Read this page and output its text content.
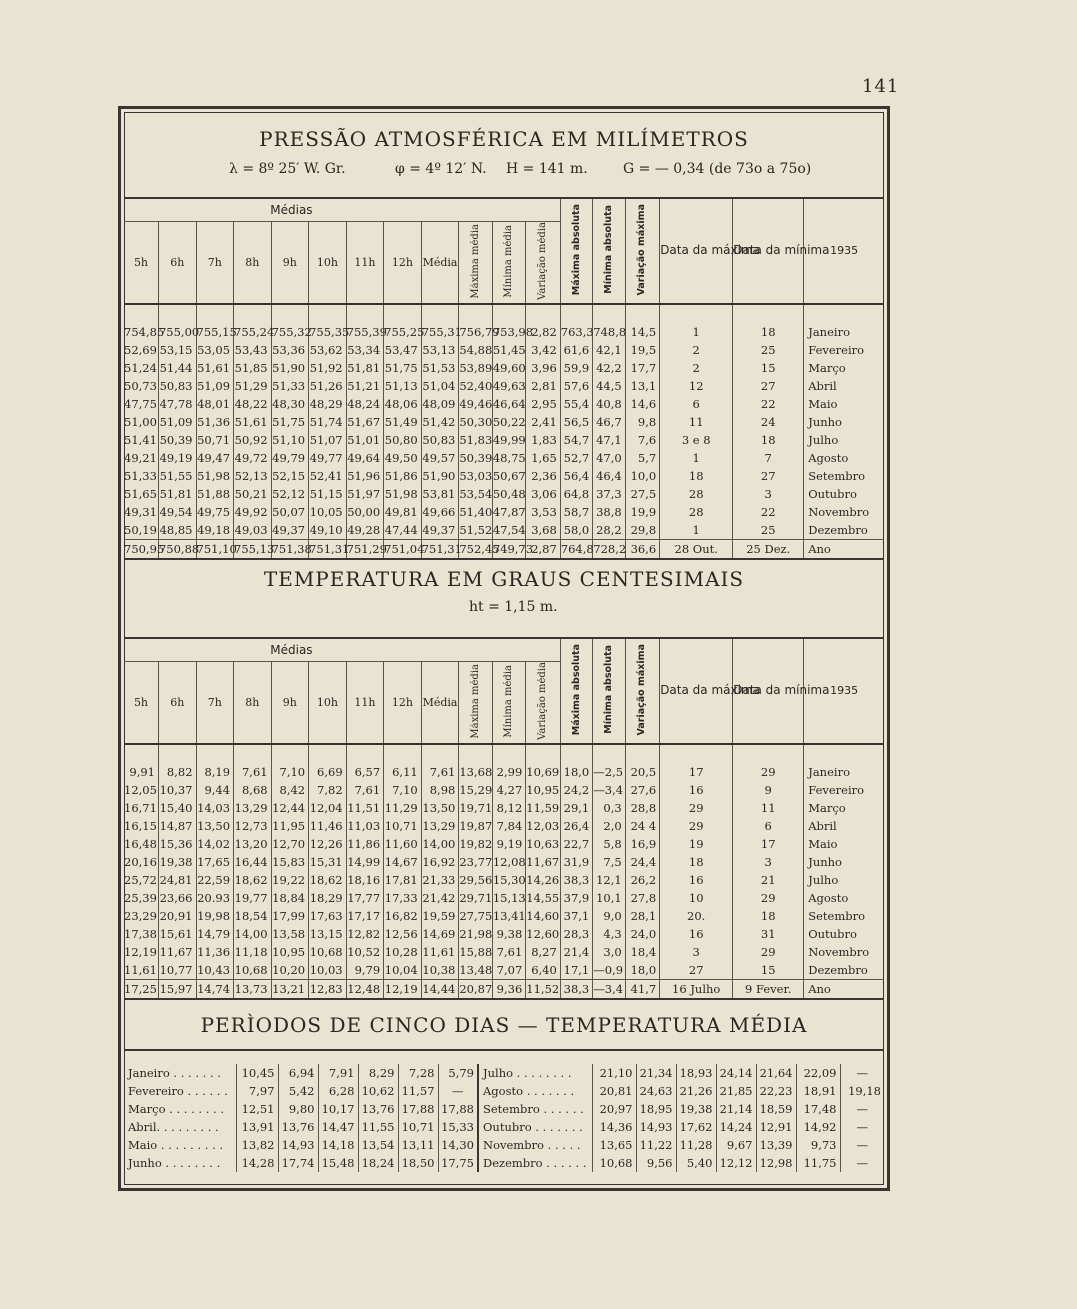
141
PRESSÃO ATMOSFÉRICA EM MILÍMETROS
λ = 8º 25′ W. Gr.	φ = 4º 12′ N. H = 141 m.	G = — 0,34 (de 73o a 75o)
Médias												Máxima absoluta	Mínima absoluta	Variação máxima	Data da máxima	Data da mínima	1935
5h	6h	7h	8h	9h	10h	11h	12h	Média	Máxima média	Mínima média	Variação média						

754,85	755,00	755,15	755,24	755,32	755,35	755,39	755,25	755,31	756,79	753,98	2,82	763,3	748,8	14,5	1	18	Janeiro
52,69	53,15	53,05	53,43	53,36	53,62	53,34	53,47	53,13	54,88	51,45	3,42	61,6	42,1	19,5	2	25	Fevereiro
51,24	51,44	51,61	51,85	51,90	51,92	51,81	51,75	51,53	53,89	49,60	3,96	59,9	42,2	17,7	2	15	Março
50,73	50,83	51,09	51,29	51,33	51,26	51,21	51,13	51,04	52,40	49,63	2,81	57,6	44,5	13,1	12	27	Abril
47,75	47,78	48,01	48,22	48,30	48,29	48,24	48,06	48,09	49,46	46,64	2,95	55,4	40,8	14,6	6	22	Maio
51,00	51,09	51,36	51,61	51,75	51,74	51,67	51,49	51,42	50,30	50,22	2,41	56,5	46,7	9,8	11	24	Junho
51,41	50,39	50,71	50,92	51,10	51,07	51,01	50,80	50,83	51,83	49,99	1,83	54,7	47,1	7,6	3 e 8	18	Julho
49,21	49,19	49,47	49,72	49,79	49,77	49,64	49,50	49,57	50,39	48,75	1,65	52,7	47,0	5,7	1	7	Agosto
51,33	51,55	51,98	52,13	52,15	52,41	51,96	51,86	51,90	53,03	50,67	2,36	56,4	46,4	10,0	18	27	Setembro
51,65	51,81	51,88	50,21	52,12	51,15	51,97	51,98	53,81	53,54	50,48	3,06	64,8	37,3	27,5	28	3	Outubro
49,31	49,54	49,75	49,92	50,07	10,05	50,00	49,81	49,66	51,40	47,87	3,53	58,7	38,8	19,9	28	22	Novembro
50,19	48,85	49,18	49,03	49,37	49,10	49,28	47,44	49,37	51,52	47,54	3,68	58,0	28,2	29,8	1	25	Dezembro
750,95	750,88	751,10	755,13	751,38	751,31	751,29	751,04	751,31	752,45	749,73	2,87	764,8	728,2	36,6	28 Out.	25 Dez.	Ano
TEMPERATURA EM GRAUS CENTESIMAIS
ht = 1,15 m.
Médias												Máxima absoluta	Mínima absoluta	Variação máxima	Data da máxima	Data da mínima	1935
5h	6h	7h	8h	9h	10h	11h	12h	Média	Máxima média	Mínima média	Variação média						

9,91	8,82	8,19	7,61	7,10	6,69	6,57	6,11	7,61	13,68	2,99	10,69	18,0	—2,5	20,5	17	29	Janeiro
12,05	10,37	9,44	8,68	8,42	7,82	7,61	7,10	8,98	15,29	4,27	10,95	24,2	—3,4	27,6	16	9	Fevereiro
16,71	15,40	14,03	13,29	12,44	12,04	11,51	11,29	13,50	19,71	8,12	11,59	29,1	0,3	28,8	29	11	Março
16,15	14,87	13,50	12,73	11,95	11,46	11,03	10,71	13,29	19,87	7,84	12,03	26,4	2,0	24 4	29	6	Abril
16,48	15,36	14,02	13,20	12,70	12,26	11,86	11,60	14,00	19,82	9,19	10,63	22,7	5,8	16,9	19	17	Maio
20,16	19,38	17,65	16,44	15,83	15,31	14,99	14,67	16,92	23,77	12,08	11,67	31,9	7,5	24,4	18	3	Junho
25,72	24,81	22,59	18,62	19,22	18,62	18,16	17,81	21,33	29,56	15,30	14,26	38,3	12,1	26,2	16	21	Julho
25,39	23,66	20.93	19,77	18,84	18,29	17,77	17,33	21,42	29,71	15,13	14,55	37,9	10,1	27,8	10	29	Agosto
23,29	20,91	19,98	18,54	17,99	17,63	17,17	16,82	19,59	27,75	13,41	14,60	37,1	9,0	28,1	20.	18	Setembro
17,38	15,61	14,79	14,00	13,58	13,15	12,82	12,56	14,69	21,98	9,38	12,60	28,3	4,3	24,0	16	31	Outubro
12,19	11,67	11,36	11,18	10,95	10,68	10,52	10,28	11,61	15,88	7,61	8,27	21,4	3,0	18,4	3	29	Novembro
11,61	10,77	10,43	10,68	10,20	10,03	9,79	10,04	10,38	13,48	7,07	6,40	17,1	—0,9	18,0	27	15	Dezembro
17,25	15,97	14,74	13,73	13,21	12,83	12,48	12,19	14,44	20,87	9,36	11,52	38,3	—3,4	41,7	16 Julho	9 Fever.	Ano
PERÌODOS DE CINCO DIAS — TEMPERATURA MÉDIA
Janeiro . . . . . . .	10,45	6,94	7,91	8,29	7,28	5,79	Julho . . . . . . . .	21,10	21,34	18,93	24,14	21,64	22,09	—
Fevereiro . . . . . .	7,97	5,42	6,28	10,62	11,57	—	Agosto . . . . . . .	20,81	24,63	21,26	21,85	22,23	18,91	19,18
Março . . . . . . . .	12,51	9,80	10,17	13,76	17,88	17,88	Setembro . . . . . .	20,97	18,95	19,38	21,14	18,59	17,48	—
Abril. . . . . . . . .	13,91	13,76	14,47	11,55	10,71	15,33	Outubro . . . . . . .	14,36	14,93	17,62	14,24	12,91	14,92	—
Maio . . . . . . . . .	13,82	14,93	14,18	13,54	13,11	14,30	Novembro . . . . .	13,65	11,22	11,28	9,67	13,39	9,73	—
Junho . . . . . . . .	14,28	17,74	15,48	18,24	18,50	17,75	Dezembro . . . . . .	10,68	9,56	5,40	12,12	12,98	11,75	—
